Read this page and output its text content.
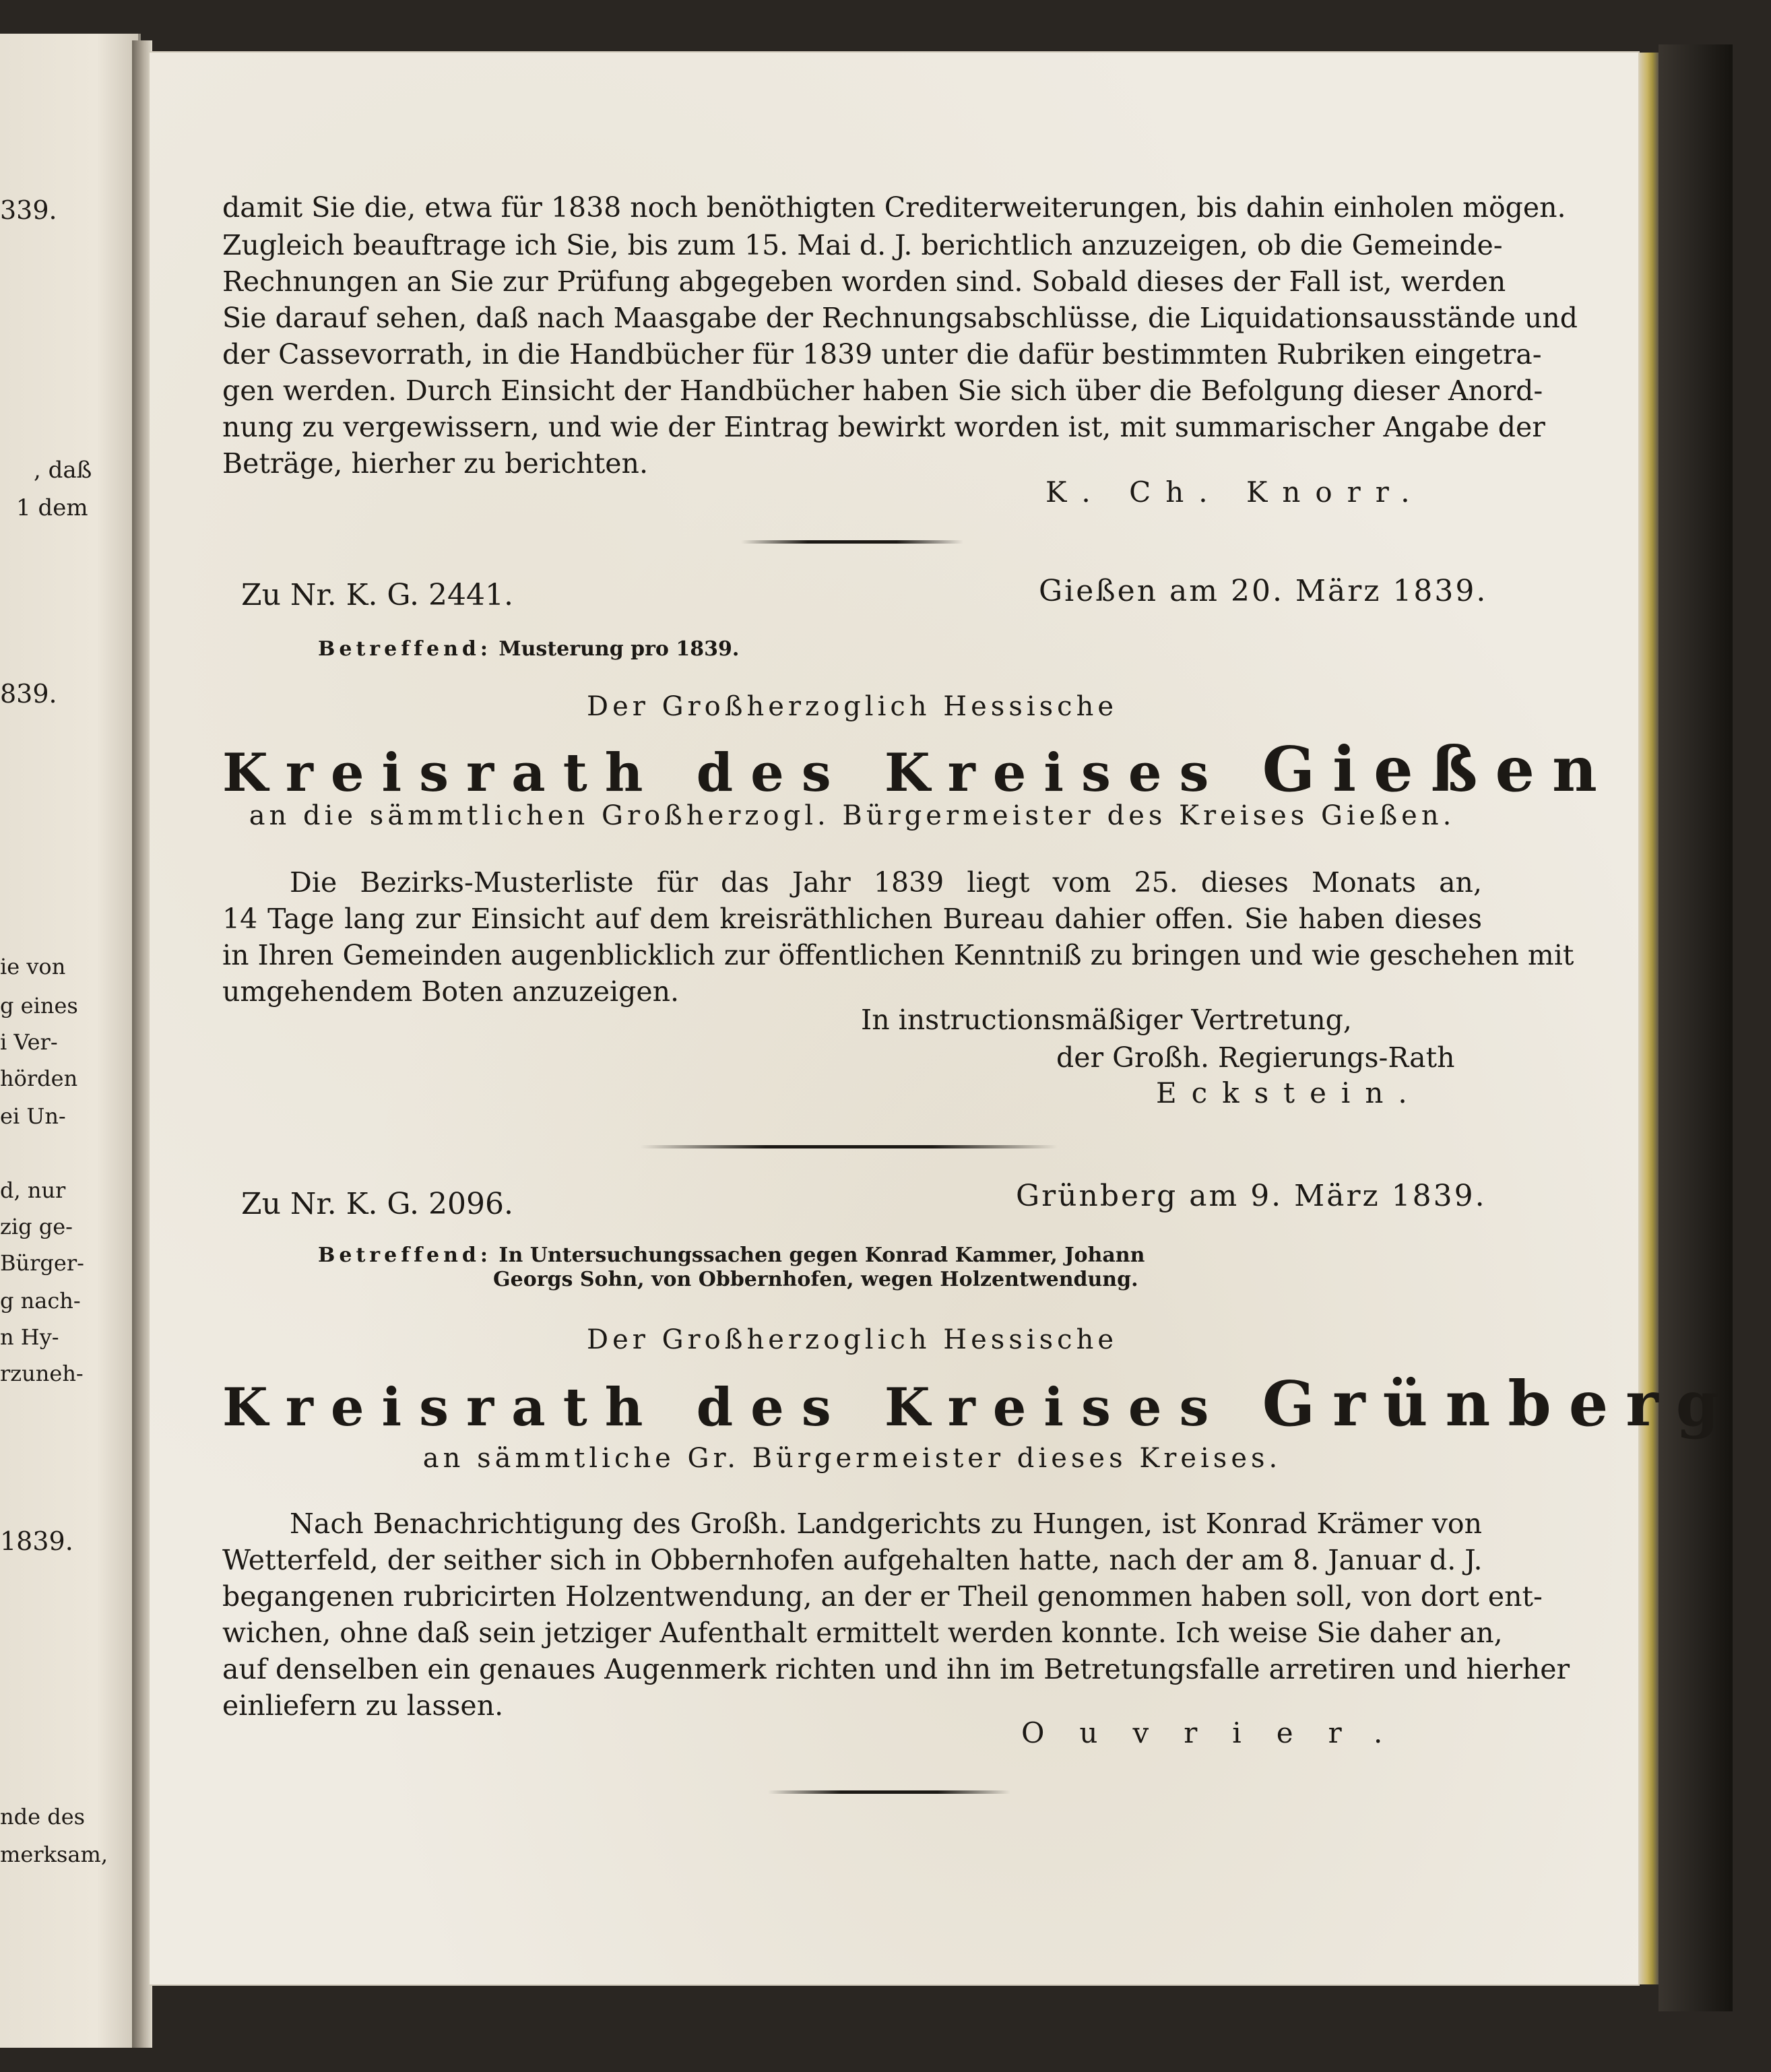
339.
, daß
1 dem
839.
ie von
g eines
i Ver-
hörden
ei Un-
d, nur
zig ge-
Bürger-
g nach-
n Hy-
rzuneh-
1839.
nde des
merksam,
damit Sie die, etwa für 1838 noch benöthigten Crediterweiterungen, bis dahin einholen mögen.
Zugleich beauftrage ich Sie, bis zum 15. Mai d. J. berichtlich anzuzeigen, ob die Gemeinde-
Rechnungen an Sie zur Prüfung abgegeben worden sind. Sobald dieses der Fall ist, werden
Sie darauf sehen, daß nach Maasgabe der Rechnungsabschlüsse, die Liquidationsausstände und
der Cassevorrath, in die Handbücher für 1839 unter die dafür bestimmten Rubriken eingetra-
gen werden. Durch Einsicht der Handbücher haben Sie sich über die Befolgung dieser Anord-
nung zu vergewissern, und wie der Eintrag bewirkt worden ist, mit summarischer Angabe der
Beträge, hierher zu berichten.
K. Ch. Knorr.
Zu Nr. K. G. 2441.	Gießen am 20. März 1839.
Betreffend: Musterung pro 1839.
Der Großherzoglich Hessische
Kreisrath des Kreises Gießen
an die sämmtlichen Großherzogl. Bürgermeister des Kreises Gießen.
Die Bezirks-Musterliste für das Jahr 1839 liegt vom 25. dieses Monats an,
14 Tage lang zur Einsicht auf dem kreisräthlichen Bureau dahier offen. Sie haben dieses
in Ihren Gemeinden augenblicklich zur öffentlichen Kenntniß zu bringen und wie geschehen mit
umgehendem Boten anzuzeigen.
In instructionsmäßiger Vertretung,
der Großh. Regierungs-Rath
Eckstein.
Zu Nr. K. G. 2096.	Grünberg am 9. März 1839.
Betreffend: In Untersuchungssachen gegen Konrad Kammer, Johann
Georgs Sohn, von Obbernhofen, wegen Holzentwendung.
Der Großherzoglich Hessische
Kreisrath des Kreises Grünberg
an sämmtliche Gr. Bürgermeister dieses Kreises.
Nach Benachrichtigung des Großh. Landgerichts zu Hungen, ist Konrad Krämer von
Wetterfeld, der seither sich in Obbernhofen aufgehalten hatte, nach der am 8. Januar d. J.
begangenen rubricirten Holzentwendung, an der er Theil genommen haben soll, von dort ent-
wichen, ohne daß sein jetziger Aufenthalt ermittelt werden konnte. Ich weise Sie daher an,
auf denselben ein genaues Augenmerk richten und ihn im Betretungsfalle arretiren und hierher
einliefern zu lassen.
Ouvrier.
